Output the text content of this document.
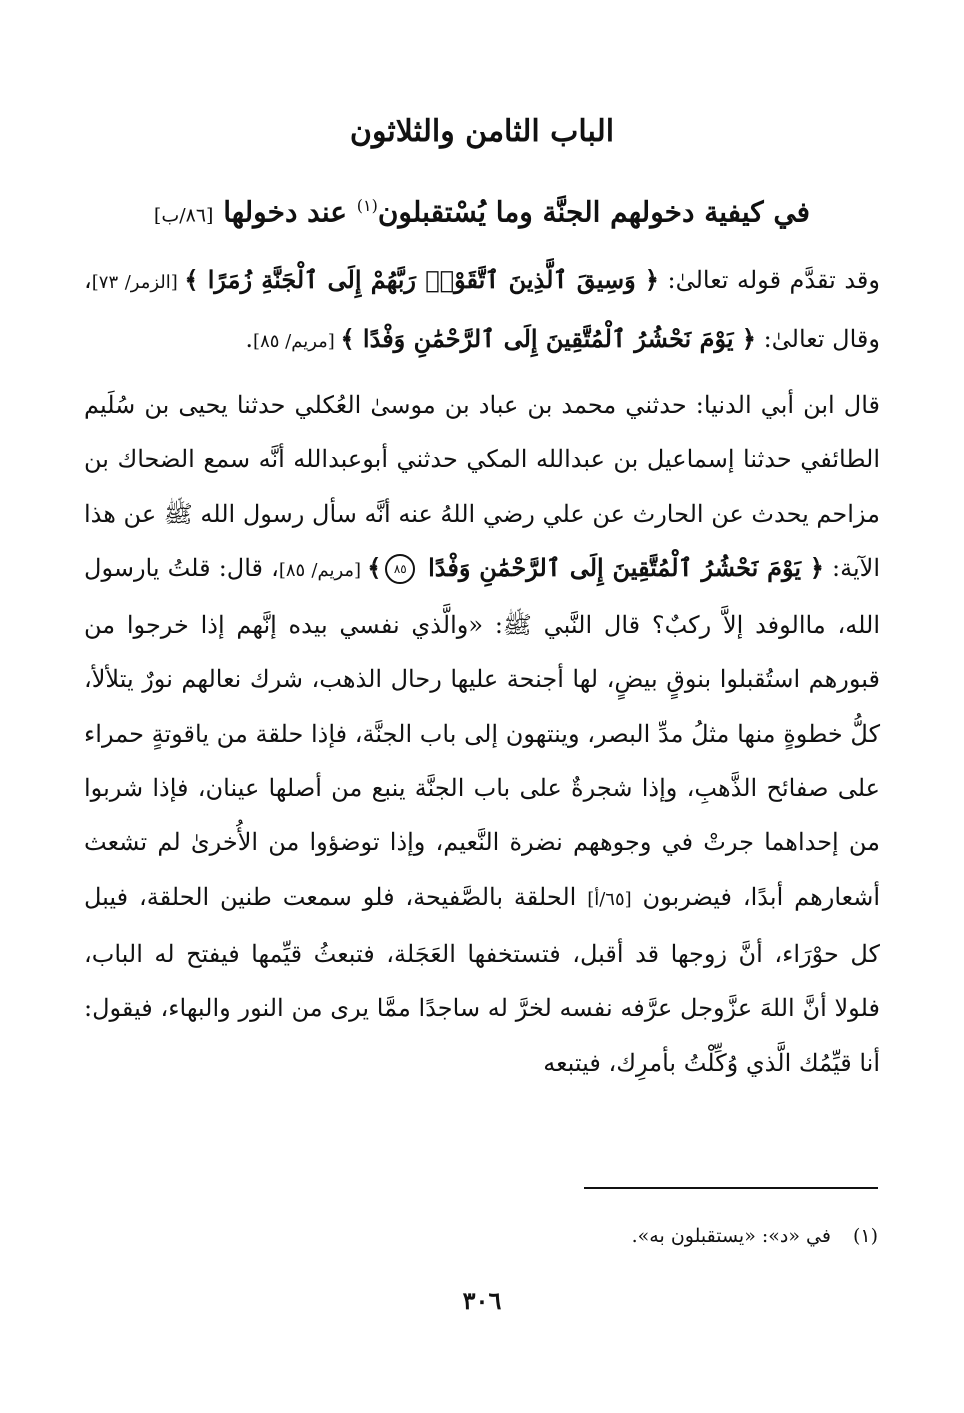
الباب الثامن والثلاثون
في كيفية دخولهم الجنَّة وما يُسْتقبلون$^{(١)}$ عند دخولها [٨٦/ب]

وقد تقدَّم قوله تعالىٰ: ﴿ وَسِيقَ ٱلَّذِينَ ٱتَّقَوْا۟ رَبَّهُمْ إِلَى ٱلْجَنَّةِ زُمَرًا ﴾ [الزمر/ ٧٣]، وقال تعالىٰ: ﴿ يَوْمَ نَحْشُرُ ٱلْمُتَّقِينَ إِلَى ٱلرَّحْمَٰنِ وَفْدًا ﴾ [مريم/ ٨٥].

قال ابن أبي الدنيا: حدثني محمد بن عباد بن موسىٰ العُكلي حدثنا يحيى بن سُلَيم الطائفي حدثنا إسماعيل بن عبدالله المكي حدثني أبوعبدالله أنَّه سمع الضحاك بن مزاحم يحدث عن الحارث عن علي رضي اللهُ عنه أنَّه سأل رسول الله ﷺ عن هذا الآية: ﴿ يَوْمَ نَحْشُرُ ٱلْمُتَّقِينَ إِلَى ٱلرَّحْمَٰنِ وَفْدًا ٨٥﴾ [مريم/ ٨٥]، قال: قلتُ يارسول الله، ماالوفد إلاَّ ركبٌ؟ قال النَّبي ﷺ: «والَّذي نفسي بيده إنَّهم إذا خرجوا من قبورهم استُقبلوا بنوقٍ بيضٍ، لها أجنحة عليها رحال الذهب، شرك نعالهم نورٌ يتلألأ، كلُّ خطوةٍ منها مثلُ مدِّ البصر، وينتهون إلى باب الجنَّة، فإذا حلقة من ياقوتةٍ حمراء على صفائح الذَّهبِ، وإذا شجرةٌ على باب الجنَّة ينبع من أصلها عينان، فإذا شربوا من إحداهما جرتْ في وجوههم نضرة النَّعيم، وإذا توضؤوا من الأُخرىٰ لم تشعث أشعارهم أبدًا، فيضربون [٦٥/أ] الحلقة بالصَّفيحة، فلو سمعت طنين الحلقة، فيبل كل حوْرَاء، أنَّ زوجها قد أقبل، فتستخفها العَجَلة، فتبعثُ قيِّمها فيفتح له الباب، فلولا أنَّ اللهَ عزَّوجل عرَّفه نفسه لخرَّ له ساجدًا ممَّا يرى من النور والبهاء، فيقول: أنا قيِّمُك الَّذي وُكِّلْتُ بأمرِك، فيتبعه

(١)في «د»: «يستقبلون به».

٣٠٦
